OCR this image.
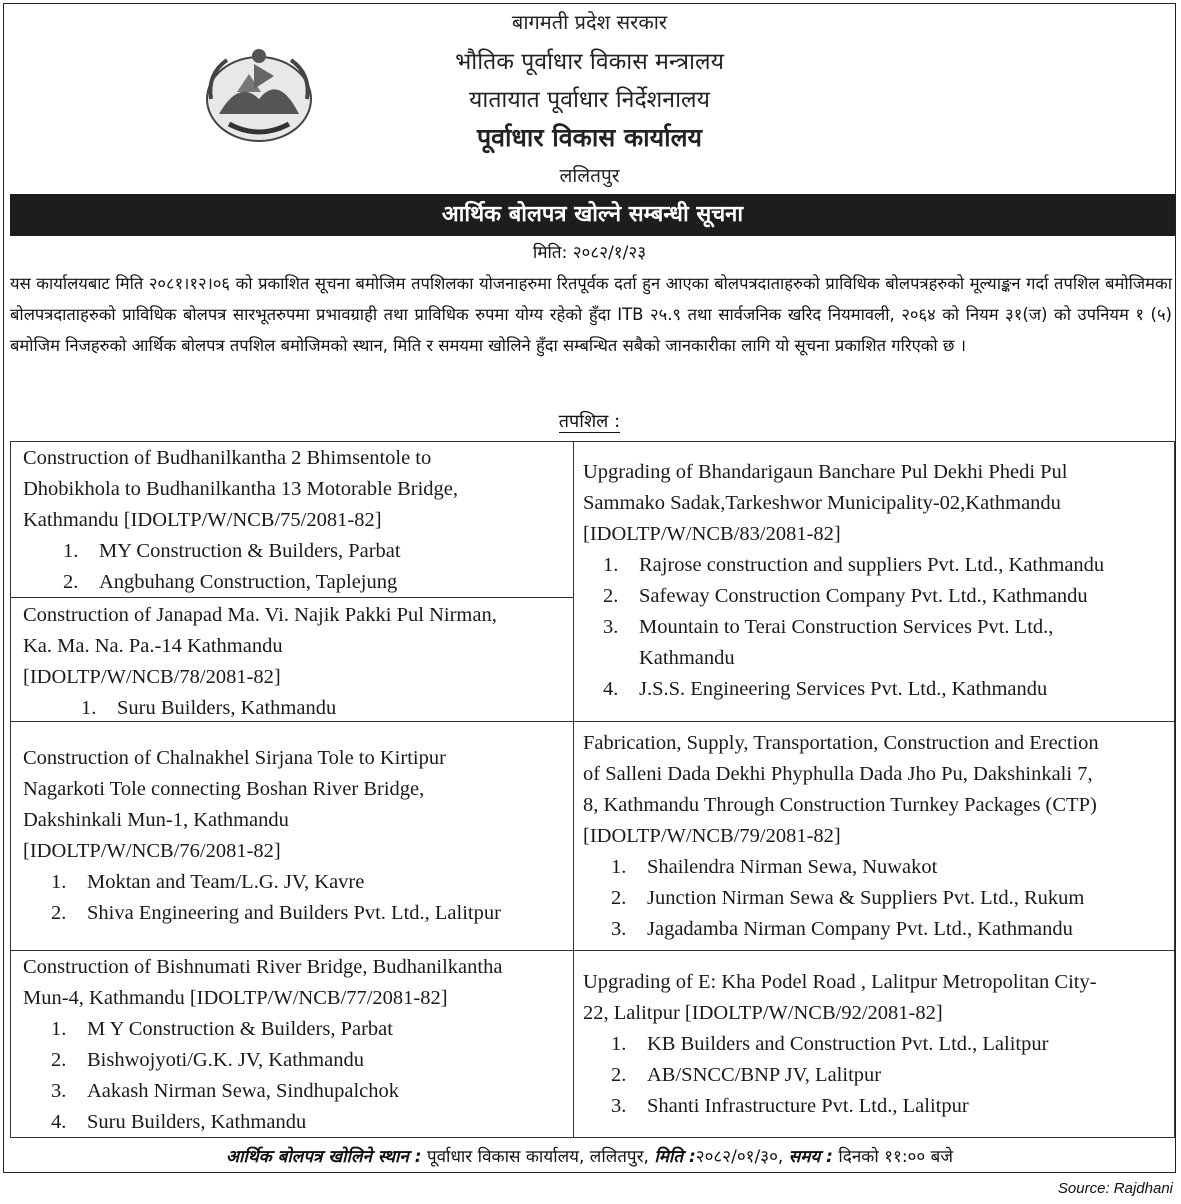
बागमती प्रदेश सरकार
भौतिक पूर्वाधार विकास मन्त्रालय
यातायात पूर्वाधार निर्देशनालय
पूर्वाधार विकास कार्यालय
ललितपुर
आर्थिक बोलपत्र खोल्ने सम्बन्धी सूचना
मिति: २०८२/१/२३
यस कार्यालयबाट मिति २०८१।१२।०६ को प्रकाशित सूचना बमोजिम तपशिलका योजनाहरुमा रितपूर्वक दर्ता हुन आएका बोलपत्रदाताहरुको प्राविधिक बोलपत्रहरुको मूल्याङ्कन गर्दा तपशिल बमोजिमका बोलपत्रदाताहरुको प्राविधिक बोलपत्र सारभूतरुपमा प्रभावग्राही तथा प्राविधिक रुपमा योग्य रहेको हुँदा ITB २५.९ तथा सार्वजनिक खरिद नियमावली, २०६४ को नियम ३१(ज) को उपनियम १ (५) बमोजिम निजहरुको आर्थिक बोलपत्र तपशिल बमोजिमको स्थान, मिति र समयमा खोलिने हुँदा सम्बन्धित सबैको जानकारीका लागि यो सूचना प्रकाशित गरिएको छ ।
तपशिल :
Construction of Budhanilkantha 2 Bhimsentole to
Dhobikhola to Budhanilkantha 13 Motorable Bridge,
Kathmandu [IDOLTP/W/NCB/75/2081-82]
1. MY Construction & Builders, Parbat
2. Angbuhang Construction, Taplejung
Construction of Janapad Ma. Vi. Najik Pakki Pul Nirman,
Ka. Ma. Na. Pa.-14 Kathmandu
[IDOLTP/W/NCB/78/2081-82]
1. Suru Builders, Kathmandu
Upgrading of Bhandarigaun Banchare Pul Dekhi Phedi Pul
Sammako Sadak,Tarkeshwor Municipality-02,Kathmandu
[IDOLTP/W/NCB/83/2081-82]
1. Rajrose construction and suppliers Pvt. Ltd., Kathmandu
2. Safeway Construction Company Pvt. Ltd., Kathmandu
3. Mountain to Terai Construction Services Pvt. Ltd.,
Kathmandu
4. J.S.S. Engineering Services Pvt. Ltd., Kathmandu
Construction of Chalnakhel Sirjana Tole to Kirtipur
Nagarkoti Tole connecting Boshan River Bridge,
Dakshinkali Mun-1, Kathmandu
[IDOLTP/W/NCB/76/2081-82]
1. Moktan and Team/L.G. JV, Kavre
2. Shiva Engineering and Builders Pvt. Ltd., Lalitpur
Fabrication, Supply, Transportation, Construction and Erection
of Salleni Dada Dekhi Phyphulla Dada Jho Pu, Dakshinkali 7,
8, Kathmandu Through Construction Turnkey Packages (CTP)
[IDOLTP/W/NCB/79/2081-82]
1. Shailendra Nirman Sewa, Nuwakot
2. Junction Nirman Sewa & Suppliers Pvt. Ltd., Rukum
3. Jagadamba Nirman Company Pvt. Ltd., Kathmandu
Construction of Bishnumati River Bridge, Budhanilkantha
Mun-4, Kathmandu [IDOLTP/W/NCB/77/2081-82]
1. M Y Construction & Builders, Parbat
2. Bishwojyoti/G.K. JV, Kathmandu
3. Aakash Nirman Sewa, Sindhupalchok
4. Suru Builders, Kathmandu
Upgrading of E: Kha Podel Road , Lalitpur Metropolitan City-
22, Lalitpur [IDOLTP/W/NCB/92/2081-82]
1. KB Builders and Construction Pvt. Ltd., Lalitpur
2. AB/SNCC/BNP JV, Lalitpur
3. Shanti Infrastructure Pvt. Ltd., Lalitpur
आर्थिक बोलपत्र खोलिने स्थान : पूर्वाधार विकास कार्यालय, ललितपुर, मिति :२०८२/०१/३०, समय : दिनको ११:०० बजे
Source: Rajdhani
